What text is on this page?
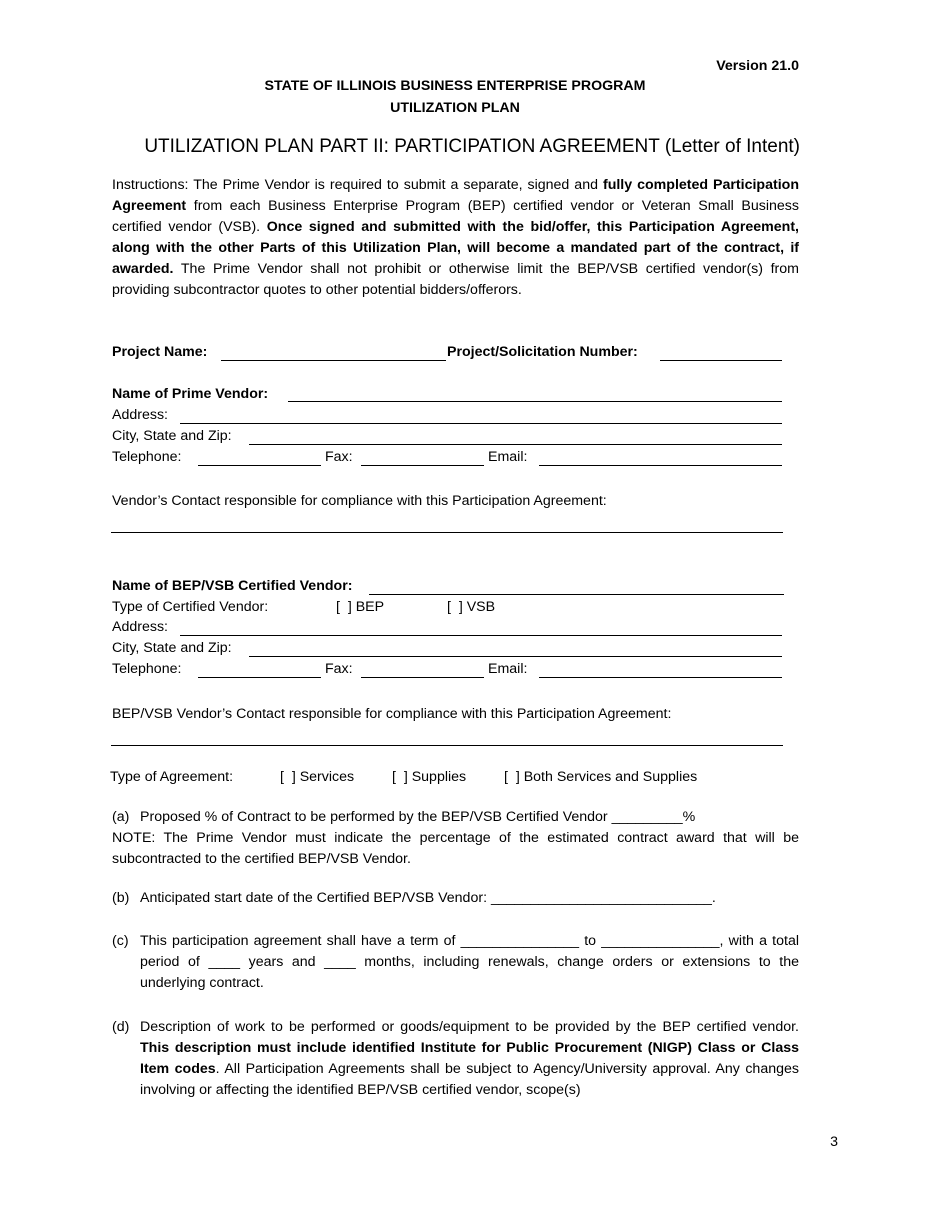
Version 21.0
STATE OF ILLINOIS BUSINESS ENTERPRISE PROGRAM
UTILIZATION PLAN
UTILIZATION PLAN PART II: PARTICIPATION AGREEMENT (Letter of Intent)
Instructions: The Prime Vendor is required to submit a separate, signed and fully completed Participation Agreement from each Business Enterprise Program (BEP) certified vendor or Veteran Small Business certified vendor (VSB). Once signed and submitted with the bid/offer, this Participation Agreement, along with the other Parts of this Utilization Plan, will become a mandated part of the contract, if awarded. The Prime Vendor shall not prohibit or otherwise limit the BEP/VSB certified vendor(s) from providing subcontractor quotes to other potential bidders/offerors.
Project Name:	Project/Solicitation Number:
Name of Prime Vendor:
Address:
City, State and Zip:
Telephone:	Fax:	Email:
Vendor’s Contact responsible for compliance with this Participation Agreement:
Name of BEP/VSB Certified Vendor:
Type of Certified Vendor:	[  ] BEP	[  ] VSB
Address:
City, State and Zip:
Telephone:	Fax:	Email:
BEP/VSB Vendor’s Contact responsible for compliance with this Participation Agreement:
Type of Agreement:	[  ] Services	[  ] Supplies	[  ] Both Services and Supplies
(a) Proposed % of Contract to be performed by the BEP/VSB Certified Vendor _________%
NOTE: The Prime Vendor must indicate the percentage of the estimated contract award that will be subcontracted to the certified BEP/VSB Vendor.
(b) Anticipated start date of the Certified BEP/VSB Vendor: ____________________________.
(c) This participation agreement shall have a term of _______________ to _______________, with a total period of ____ years and ____ months, including renewals, change orders or extensions to the underlying contract.
(d) Description of work to be performed or goods/equipment to be provided by the BEP certified vendor. This description must include identified Institute for Public Procurement (NIGP) Class or Class Item codes. All Participation Agreements shall be subject to Agency/University approval. Any changes involving or affecting the identified BEP/VSB certified vendor, scope(s)
3
